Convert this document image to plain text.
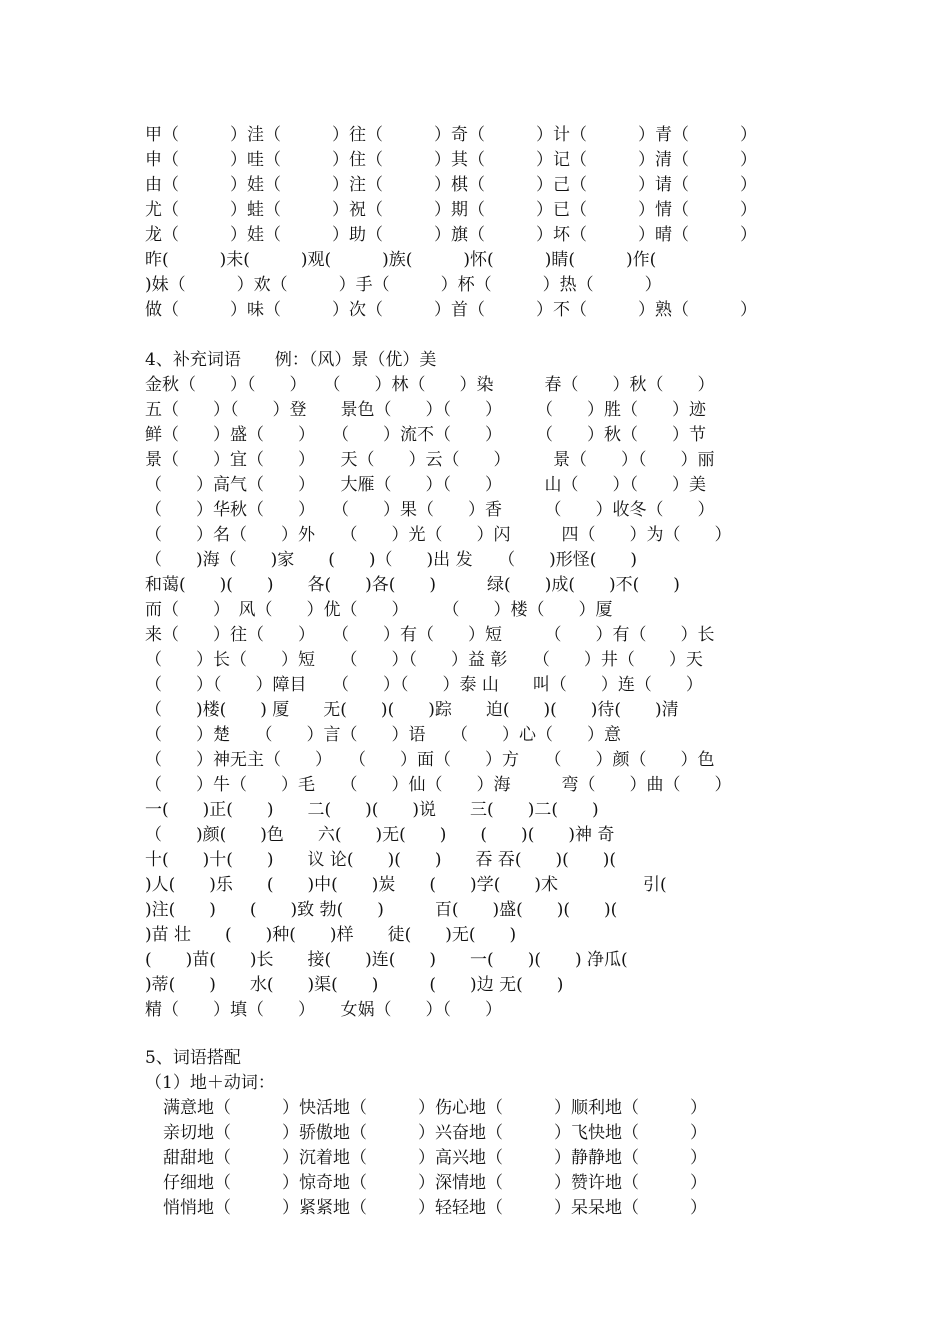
甲（　　　）洼（　　　）往（　　　）奇（　　　）计（　　　）青（　　　）

申（　　　）哇（　　　）住（　　　）其（　　　）记（　　　）清（　　　）

由（　　　）娃（　　　）注（　　　）棋（　　　）己（　　　）请（　　　）

尤（　　　）蛙（　　　）祝（　　　）期（　　　）已（　　　）情（　　　）

龙（　　　）娃（　　　）助（　　　）旗（　　　）坏（　　　）晴（　　　）

昨(　　　)未(　　　)观(　　　)族(　　　)怀(　　　)睛(　　　)作(

)妹（　　　）欢（　　　）手（　　　）杯（　　　）热（　　　）

做（　　　）味（　　　）次（　　　）首（　　　）不（　　　）熟（　　　）

4、补充词语　　例：（风）景（优）美

金秋（　　）（　　）　　（　　）林（　　）染　　　春（　　）秋（　　）

五（　　）（　　）登　　景色（　　）（　　）　　　（　　）胜（　　）迹

鲜（　　）盛（　　）　　（　　）流不（　　）　　　（　　）秋（　　）节

景（　　）宜（　　）　　天（　　）云（　　）　　　景（　　）（　　）丽

（　　）高气（　　）　　大雁（　　）（　　）　　　山（　　）（　　）美

（　　）华秋（　　）　　（　　）果（　　）香　　　（　　）收冬（　　）

（　　）名（　　）外　　（　　）光（　　）闪　　　四（　　）为（　　）

（　　)海（　　)家　　(　　)（　　)出 发　　（　　)形怪(　　)

和蔼(　　)(　　)　　各(　　)各(　　)　　　绿(　　)成(　　)不(　　)

而（　　）　风（　　）优（　　）　　　（　　）楼（　　）厦

来（　　）往（　　）　　（　　）有（　　）短　　　（　　）有（　　）长

（　　）长（　　）短　　（　　）（　　）益 彰　　（　　）井（　　）天

（　　）（　　）障目　　（　　）（　　）泰 山　　叫（　　）连（　　）

（　　)楼(　　) 厦　　无(　　)(　　)踪　　迫(　　)(　　)待(　　)清

（　　）楚　　（　　）言（　　）语　　（　　）心（　　）意

（　　）神无主（　　）　　（　　）面（　　）方　　（　　）颜（　　）色

（　　）牛（　　）毛　　（　　）仙（　　）海　　　弯（　　）曲（　　）

一(　　)正(　　)　　二(　　)(　　)说　　三(　　)二(　　)

（　　)颜(　　)色　　六(　　)无(　　)　　(　　)(　　)神 奇

十(　　)十(　　)　　议 论(　　)(　　)　　吞 吞(　　)(　　)(

)人(　　)乐　　(　　)中(　　)炭　　(　　)学(　　)术　　　　　引(

)注(　　)　　(　　)致 勃(　　)　　　百(　　)盛(　　)(　　)(

)苗 壮　　(　　)种(　　)样　　徒(　　)无(　　)

(　　)苗(　　)长　　接(　　)连(　　)　　一(　　)(　　) 净瓜(

)蒂(　　)　　水(　　)渠(　　)　　　(　　)边 无(　　)

精（　　）填（　　）　　女娲（　　）（　　）

5、词语搭配

（1）地＋动词：

满意地（　　　）快活地（　　　）伤心地（　　　）顺利地（　　　）

亲切地（　　　）骄傲地（　　　）兴奋地（　　　）飞快地（　　　）

甜甜地（　　　）沉着地（　　　）高兴地（　　　）静静地（　　　）

仔细地（　　　）惊奇地（　　　）深情地（　　　）赞许地（　　　）

悄悄地（　　　）紧紧地（　　　）轻轻地（　　　）呆呆地（　　　）
